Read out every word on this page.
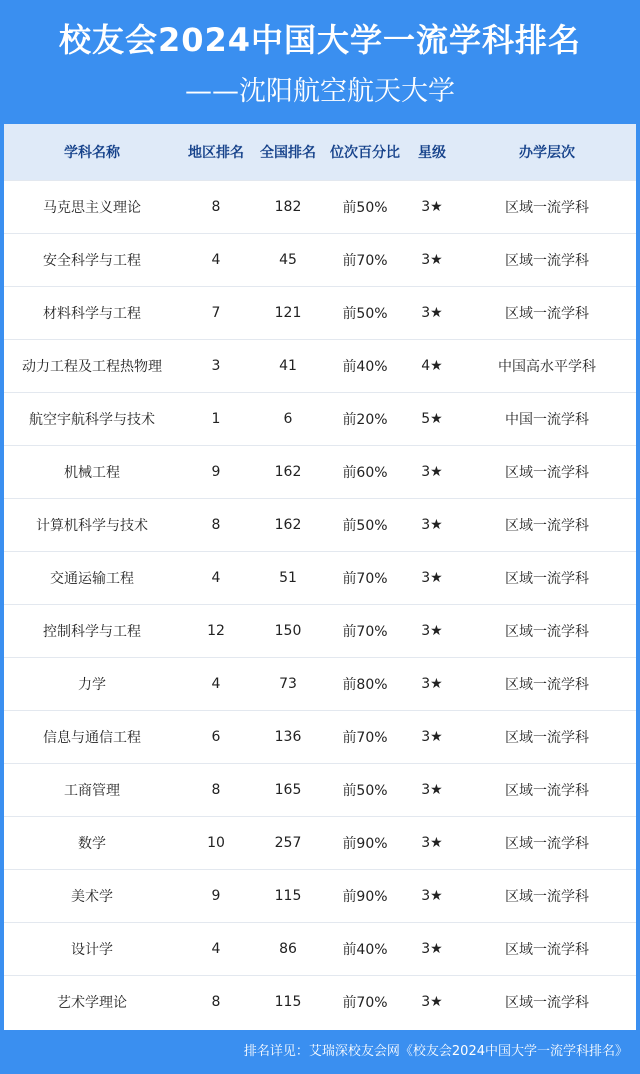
校友会2024中国大学一流学科排名
——沈阳航空航天大学
学科名称	地区排名	全国排名	位次百分比	星级	办学层次
马克思主义理论	8	182	前50%	3★	区域一流学科
安全科学与工程	4	45	前70%	3★	区域一流学科
材料科学与工程	7	121	前50%	3★	区域一流学科
动力工程及工程热物理	3	41	前40%	4★	中国高水平学科
航空宇航科学与技术	1	6	前20%	5★	中国一流学科
机械工程	9	162	前60%	3★	区域一流学科
计算机科学与技术	8	162	前50%	3★	区域一流学科
交通运输工程	4	51	前70%	3★	区域一流学科
控制科学与工程	12	150	前70%	3★	区域一流学科
力学	4	73	前80%	3★	区域一流学科
信息与通信工程	6	136	前70%	3★	区域一流学科
工商管理	8	165	前50%	3★	区域一流学科
数学	10	257	前90%	3★	区域一流学科
美术学	9	115	前90%	3★	区域一流学科
设计学	4	86	前40%	3★	区域一流学科
艺术学理论	8	115	前70%	3★	区域一流学科
排名详见：艾瑞深校友会网《校友会2024中国大学一流学科排名》
